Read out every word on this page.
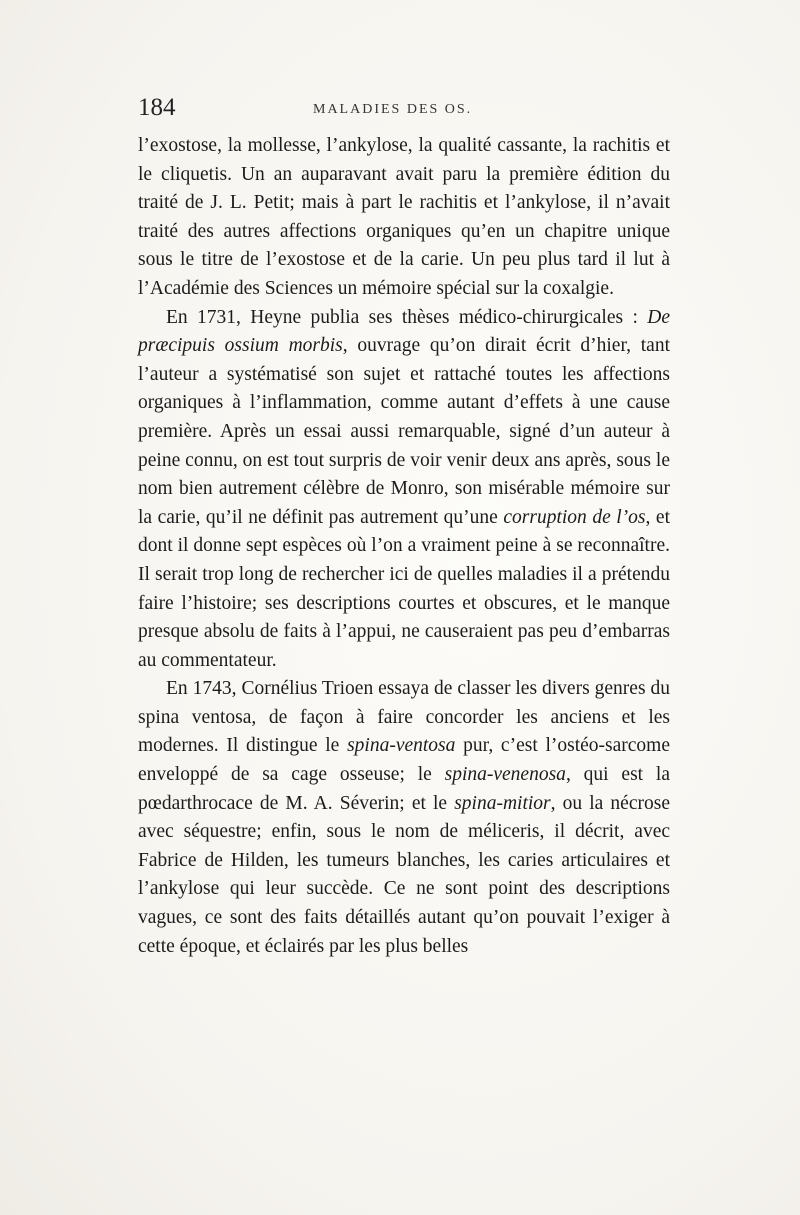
184	MALADIES DES OS.

l’exostose, la mollesse, l’ankylose, la qualité cassante, la rachitis et le cliquetis. Un an auparavant avait paru la première édition du traité de J. L. Petit; mais à part le rachitis et l’ankylose, il n’avait traité des autres affections organiques qu’en un chapitre unique sous le titre de l’exostose et de la carie. Un peu plus tard il lut à l’Académie des Sciences un mémoire spécial sur la coxalgie.

En 1731, Heyne publia ses thèses médico-chirurgicales : De præcipuis ossium morbis, ouvrage qu’on dirait écrit d’hier, tant l’auteur a systématisé son sujet et rattaché toutes les affections organiques à l’inflammation, comme autant d’effets à une cause première. Après un essai aussi remarquable, signé d’un auteur à peine connu, on est tout surpris de voir venir deux ans après, sous le nom bien autrement célèbre de Monro, son misérable mémoire sur la carie, qu’il ne définit pas autrement qu’une corruption de l’os, et dont il donne sept espèces où l’on a vraiment peine à se reconnaître. Il serait trop long de rechercher ici de quelles maladies il a prétendu faire l’histoire; ses descriptions courtes et obscures, et le manque presque absolu de faits à l’appui, ne causeraient pas peu d’embarras au commentateur.

En 1743, Cornélius Trioen essaya de classer les divers genres du spina ventosa, de façon à faire concorder les anciens et les modernes. Il distingue le spina-ventosa pur, c’est l’ostéo-sarcome enveloppé de sa cage osseuse; le spina-venenosa, qui est la pœdarthrocace de M. A. Séverin; et le spina-mitior, ou la nécrose avec séquestre; enfin, sous le nom de méliceris, il décrit, avec Fabrice de Hilden, les tumeurs blanches, les caries articulaires et l’ankylose qui leur succède. Ce ne sont point des descriptions vagues, ce sont des faits détaillés autant qu’on pouvait l’exiger à cette époque, et éclairés par les plus belles
